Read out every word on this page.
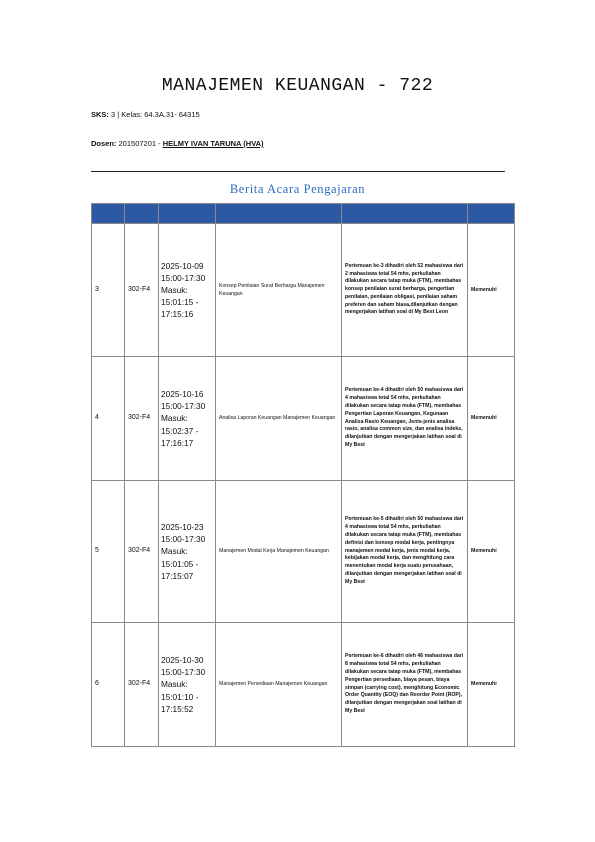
MANAJEMEN KEUANGAN - 722
SKS: 3 | Kelas: 64.3A.31- 64315
Dosen: 201507201 - HELMY IVAN TARUNA (HVA)
Berita Acara Pengajaran

3	302-F4	2025-10-09 15:00-17:30 Masuk: 15:01:15 - 17:15:16	Konsep Penilaian Surat Berharga Manajemen Keuangan	Pertemuan ke-3 dihadiri oleh 52 mahasiswa dari 2 mahasiswa total 54 mhs, perkuliahan dilakukan secara tatap muka (FTM), membahas konsep penilaian surat berharga, pengertian penilaian, penilaian obligasi, penilaian saham preferen dan saham biasa,dilanjutkan dengan mengerjakan latihan soal di My Best Leon	Memenuhi
4	302-F4	2025-10-16 15:00-17:30 Masuk: 15:02:37 - 17:16:17	Analisa Laporan Keuangan Manajemen Keuangan	Pertemuan ke-4 dihadiri oleh 50 mahasiswa dari 4 mahasiswa total 54 mhs, perkuliahan dilakukan secara tatap muka (FTM), membahas Pengertian Laporan Keuangan, Kegunaan Analisa Rasio Keuangan, Jenis-jenis analisa rasio, analisa common size, dan analisa indeks, dilanjutkan dengan mengerjakan latihan soal di My Best	Memenuhi
5	302-F4	2025-10-23 15:00-17:30 Masuk: 15:01:05 - 17:15:07	Manajemen Modal Kerja Manajemen Keuangan	Pertemuan ke-5 dihadiri oleh 50 mahasiswa dari 4 mahasiswa total 54 mhs, perkuliahan dilakukan secara tatap muka (FTM), membahas definisi dan konsep modal kerja, pentingnya manajemen modal kerja, jenis modal kerja, kebijakan modal kerja, dan menghitung cara menentukan modal kerja suatu perusahaan, dilanjutkan dengan mengerjakan latihan soal di My Best	Memenuhi
6	302-F4	2025-10-30 15:00-17:30 Masuk: 15:01:10 - 17:15:52	Manajemen Persediaan Manajemen Keuangan	Pertemuan ke-6 dihadiri oleh 46 mahasiswa dari 8 mahasiswa total 54 mhs, perkuliahan dilakukan secara tatap muka (FTM), membahas Pengertian persediaan, biaya pesan, biaya simpan (carrying cost), menghitung Economic Order Quantity (EOQ) dan Reorder Point (ROP), dilanjutkan dengan mengerjakan soal latihan di My Best	Memenuhi
